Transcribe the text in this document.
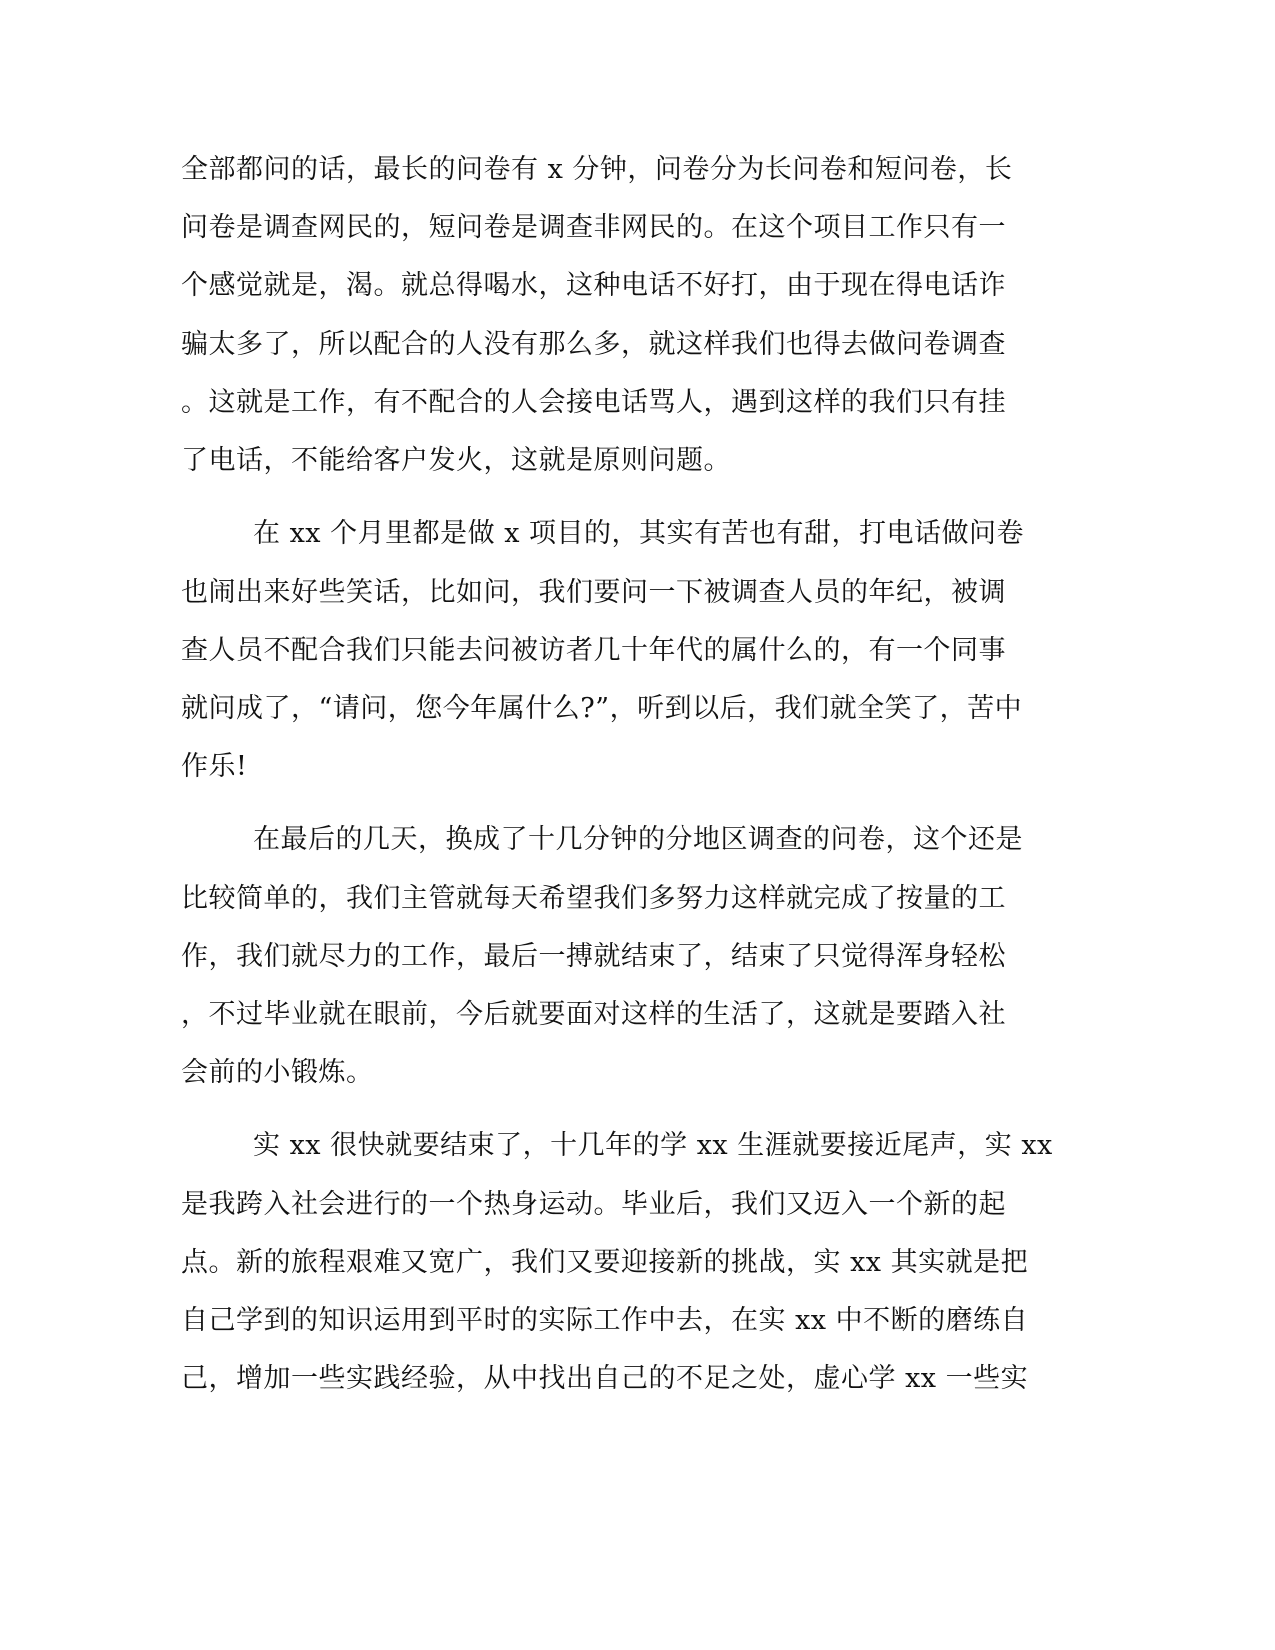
全部都问的话，最长的问卷有 x 分钟，问卷分为长问卷和短问卷，长
问卷是调查网民的，短问卷是调查非网民的。在这个项目工作只有一
个感觉就是，渴。就总得喝水，这种电话不好打，由于现在得电话诈
骗太多了，所以配合的人没有那么多，就这样我们也得去做问卷调查
。这就是工作，有不配合的人会接电话骂人，遇到这样的我们只有挂
了电话，不能给客户发火，这就是原则问题。
在 xx 个月里都是做 x 项目的，其实有苦也有甜，打电话做问卷
也闹出来好些笑话，比如问，我们要问一下被调查人员的年纪，被调
查人员不配合我们只能去问被访者几十年代的属什么的，有一个同事
就问成了，“请问，您今年属什么?”，听到以后，我们就全笑了，苦中
作乐!
在最后的几天，换成了十几分钟的分地区调查的问卷，这个还是
比较简单的，我们主管就每天希望我们多努力这样就完成了按量的工
作，我们就尽力的工作，最后一搏就结束了，结束了只觉得浑身轻松
，不过毕业就在眼前，今后就要面对这样的生活了，这就是要踏入社
会前的小锻炼。
实 xx 很快就要结束了，十几年的学 xx 生涯就要接近尾声，实 xx
是我跨入社会进行的一个热身运动。毕业后，我们又迈入一个新的起
点。新的旅程艰难又宽广，我们又要迎接新的挑战，实 xx 其实就是把
自己学到的知识运用到平时的实际工作中去，在实 xx 中不断的磨练自
己，增加一些实践经验，从中找出自己的不足之处，虚心学 xx 一些实
